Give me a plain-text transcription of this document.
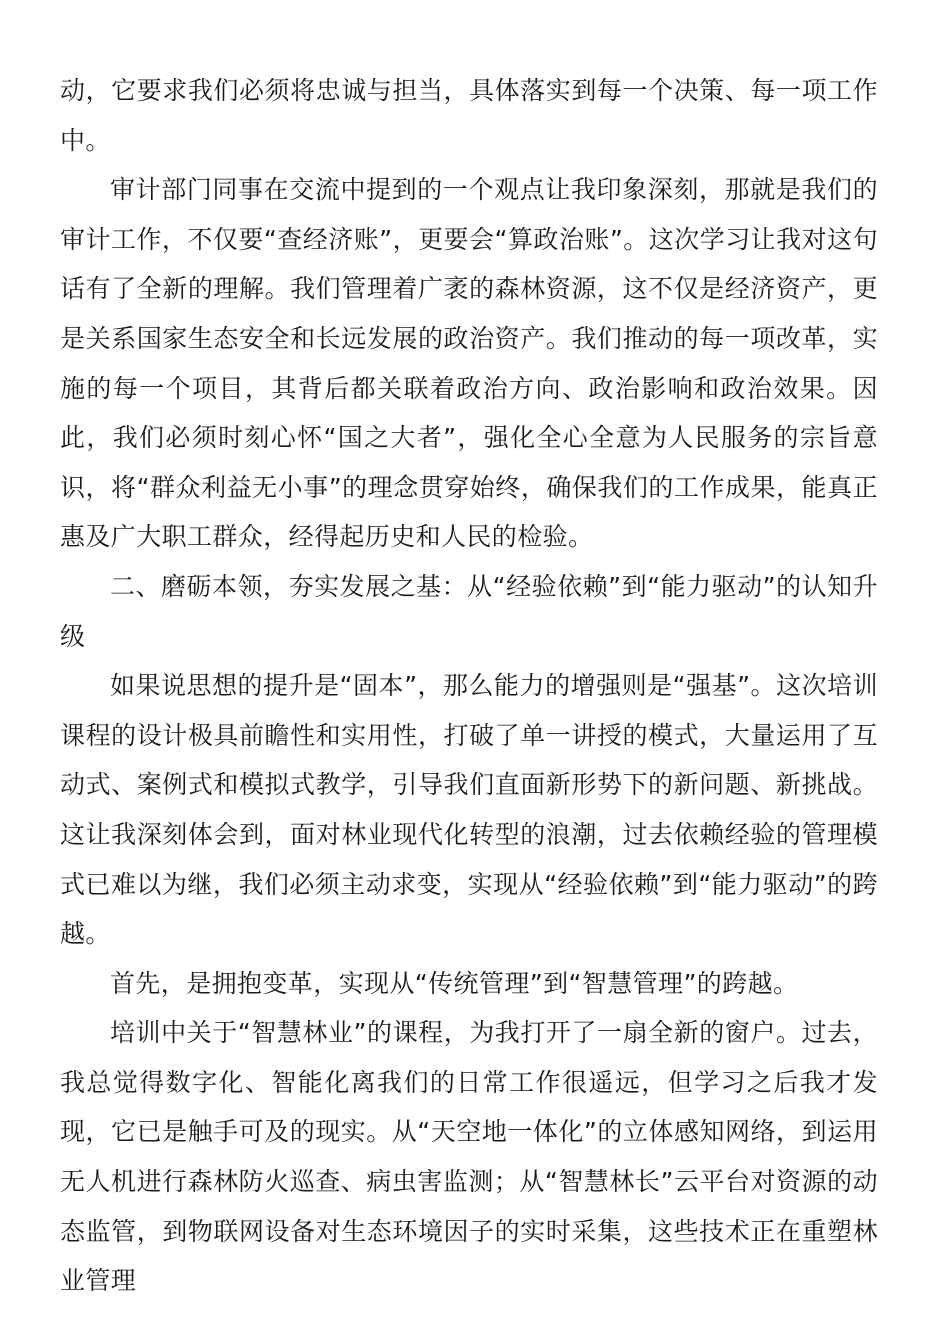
动，它要求我们必须将忠诚与担当，具体落实到每一个决策、每一项工作中。

审计部门同事在交流中提到的一个观点让我印象深刻，那就是我们的审计工作，不仅要“查经济账”，更要会“算政治账”。这次学习让我对这句话有了全新的理解。我们管理着广袤的森林资源，这不仅是经济资产，更是关系国家生态安全和长远发展的政治资产。我们推动的每一项改革，实施的每一个项目，其背后都关联着政治方向、政治影响和政治效果。因此，我们必须时刻心怀“国之大者”，强化全心全意为人民服务的宗旨意识，将“群众利益无小事”的理念贯穿始终，确保我们的工作成果，能真正惠及广大职工群众，经得起历史和人民的检验。

二、磨砺本领，夯实发展之基：从“经验依赖”到“能力驱动”的认知升级

如果说思想的提升是“固本”，那么能力的增强则是“强基”。这次培训课程的设计极具前瞻性和实用性，打破了单一讲授的模式，大量运用了互动式、案例式和模拟式教学，引导我们直面新形势下的新问题、新挑战。这让我深刻体会到，面对林业现代化转型的浪潮，过去依赖经验的管理模式已难以为继，我们必须主动求变，实现从“经验依赖”到“能力驱动”的跨越。

首先，是拥抱变革，实现从“传统管理”到“智慧管理”的跨越。

培训中关于“智慧林业”的课程，为我打开了一扇全新的窗户。过去，我总觉得数字化、智能化离我们的日常工作很遥远，但学习之后我才发现，它已是触手可及的现实。从“天空地一体化”的立体感知网络，到运用无人机进行森林防火巡查、病虫害监测；从“智慧林长”云平台对资源的动态监管，到物联网设备对生态环境因子的实时采集，这些技术正在重塑林业管理
